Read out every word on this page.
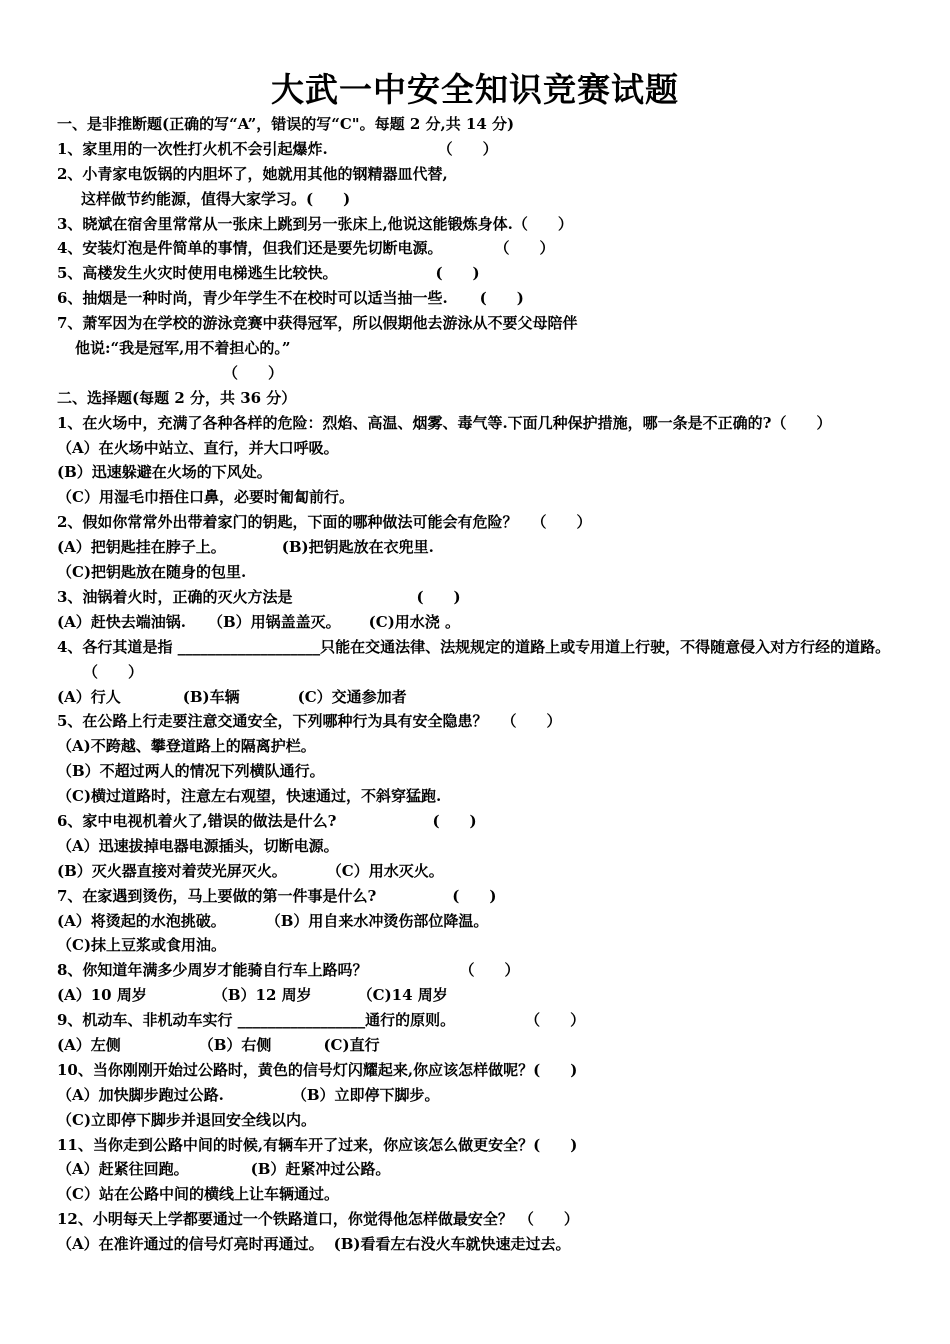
大武一中安全知识竞赛试题
一、是非推断题(正确的写“A”，错误的写“C"。每题 2 分,共 14 分)
1、家里用的一次性打火机不会引起爆炸.	（　　）
2、小青家电饭锅的内胆坏了，她就用其他的钢精器皿代替,
这样做节约能源，值得大家学习。(　　)
3、晓斌在宿舍里常常从一张床上跳到另一张床上,他说这能锻炼身体.（　　）
4、安装灯泡是件简单的事情，但我们还是要先切断电源。	（　　）
5、高楼发生火灾时使用电梯逃生比较快。	(　　)
6、抽烟是一种时尚，青少年学生不在校时可以适当抽一些. (　　)
7、萧军因为在学校的游泳竞赛中获得冠军，所以假期他去游泳从不要父母陪伴
他说:“我是冠军,用不着担心的。”
（　　）
二、选择题(每题 2 分，共 36 分）
1、在火场中，充满了各种各样的危险：烈焰、高温、烟雾、毒气等.下面几种保护措施，哪一条是不正确的?（　　）
（A）在火场中站立、直行，并大口呼吸。
(B）迅速躲避在火场的下风处。
（C）用湿毛巾捂住口鼻，必要时匍匐前行。
2、假如你常常外出带着家门的钥匙，下面的哪种做法可能会有危险？ （　　）
(A）把钥匙挂在脖子上。	(B)把钥匙放在衣兜里.
（C)把钥匙放在随身的包里.
3、油锅着火时，正确的灭火方法是	(　　)
(A）赶快去端油锅. （B）用锅盖盖灭。 (C)用水浇 。
4、各行其道是指 ___________________只能在交通法律、法规规定的道路上或专用道上行驶，不得随意侵入对方行经的道路。（　　）
(A）行人	(B)车辆	(C）交通参加者
5、在公路上行走要注意交通安全，下列哪种行为具有安全隐患？ （　　）
（A)不跨越、攀登道路上的隔离护栏。
（B）不超过两人的情况下列横队通行。
（C)横过道路时，注意左右观望，快速通过，不斜穿猛跑.
6、家中电视机着火了,错误的做法是什么?	(　　)
（A）迅速拔掉电器电源插头，切断电源。
(B）灭火器直接对着荧光屏灭火。	（C）用水灭火。
7、在家遇到烫伤，马上要做的第一件事是什么?	(　　)
(A）将烫起的水泡挑破。	（B）用自来水冲烫伤部位降温。
（C)抹上豆浆或食用油。
8、你知道年满多少周岁才能骑自行车上路吗？	（　　）
(A）10 周岁	（B）12 周岁	（C)14 周岁
9、机动车、非机动车实行 _________________通行的原则。	（　　）
(A）左侧	（B）右侧	(C)直行
10、当你刚刚开始过公路时，黄色的信号灯闪耀起来,你应该怎样做呢？(　　)
（A）加快脚步跑过公路.	（B）立即停下脚步。
（C)立即停下脚步并退回安全线以内。
11、当你走到公路中间的时候,有辆车开了过来，你应该怎么做更安全？(　　)
（A）赶紧往回跑。	(B）赶紧冲过公路。
（C）站在公路中间的横线上让车辆通过。
12、小明每天上学都要通过一个铁路道口，你觉得他怎样做最安全？ （　　）
（A）在准许通过的信号灯亮时再通过。 (B)看看左右没火车就快速走过去。
